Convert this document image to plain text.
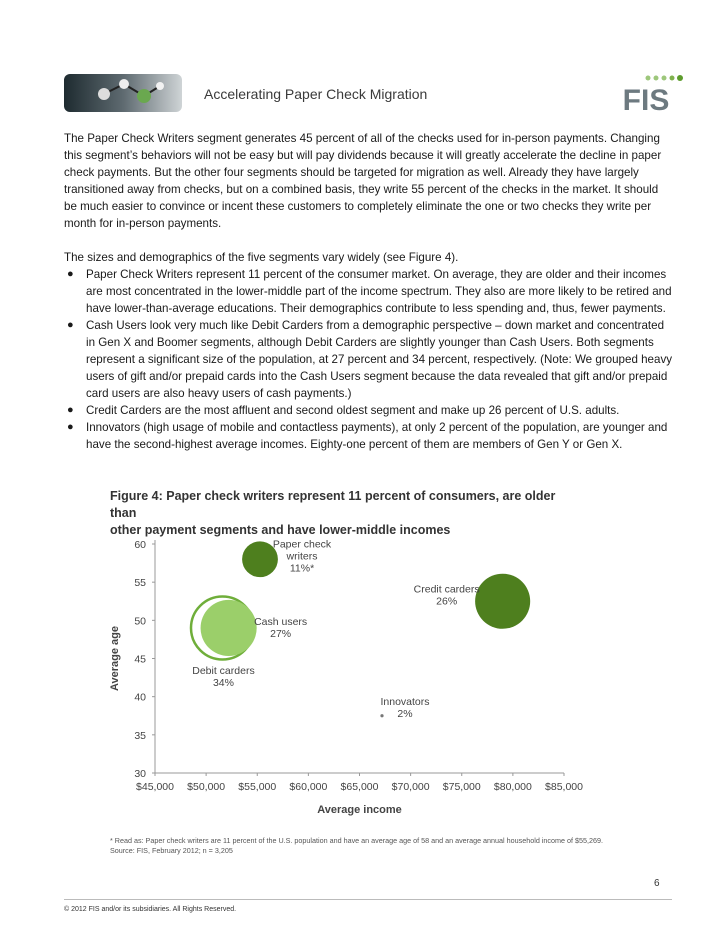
Accelerating Paper Check Migration	FIS

The Paper Check Writers segment generates 45 percent of all of the checks used for in-person payments. Changing this segment’s behaviors will not be easy but will pay dividends because it will greatly accelerate the decline in paper check payments. But the other four segments should be targeted for migration as well. Already they have largely transitioned away from checks, but on a combined basis, they write 55 percent of the checks in the market. It should be much easier to convince or incent these customers to completely eliminate the one or two checks they write per month for in-person payments.

The sizes and demographics of the five segments vary widely (see Figure 4).

● Paper Check Writers represent 11 percent of the consumer market. On average, they are older and their incomes are most concentrated in the lower-middle part of the income spectrum. They also are more likely to be retired and have lower-than-average educations. Their demographics contribute to less spending and, thus, fewer payments.
● Cash Users look very much like Debit Carders from a demographic perspective – down market and concentrated in Gen X and Boomer segments, although Debit Carders are slightly younger than Cash Users. Both segments represent a significant size of the population, at 27 percent and 34 percent, respectively. (Note: We grouped heavy users of gift and/or prepaid cards into the Cash Users segment because the data revealed that gift and/or prepaid card users are also heavy users of cash payments.)
● Credit Carders are the most affluent and second oldest segment and make up 26 percent of U.S. adults.
● Innovators (high usage of mobile and contactless payments), at only 2 percent of the population, are younger and have the second-highest average incomes. Eighty-one percent of them are members of Gen Y or Gen X.
Figure 4: Paper check writers represent 11 percent of consumers, are older than
other payment segments and have lower-middle incomes
30
35
40
45
50
55
60
$45,000 $50,000 $55,000 $60,000 $65,000 $70,000 $75,000 $80,000 $85,000
Average income
Average age	Debit carders
34%
Cash users
27%
Paper check
writers
11%*
Credit carders
26%
Innovators
2%
* Read as: Paper check writers are 11 percent of the U.S. population and have an average age of 58 and an average annual household income of $55,269.
Source: FIS, February 2012; n = 3,205
6
© 2012 FIS and/or its subsidiaries. All Rights Reserved.
